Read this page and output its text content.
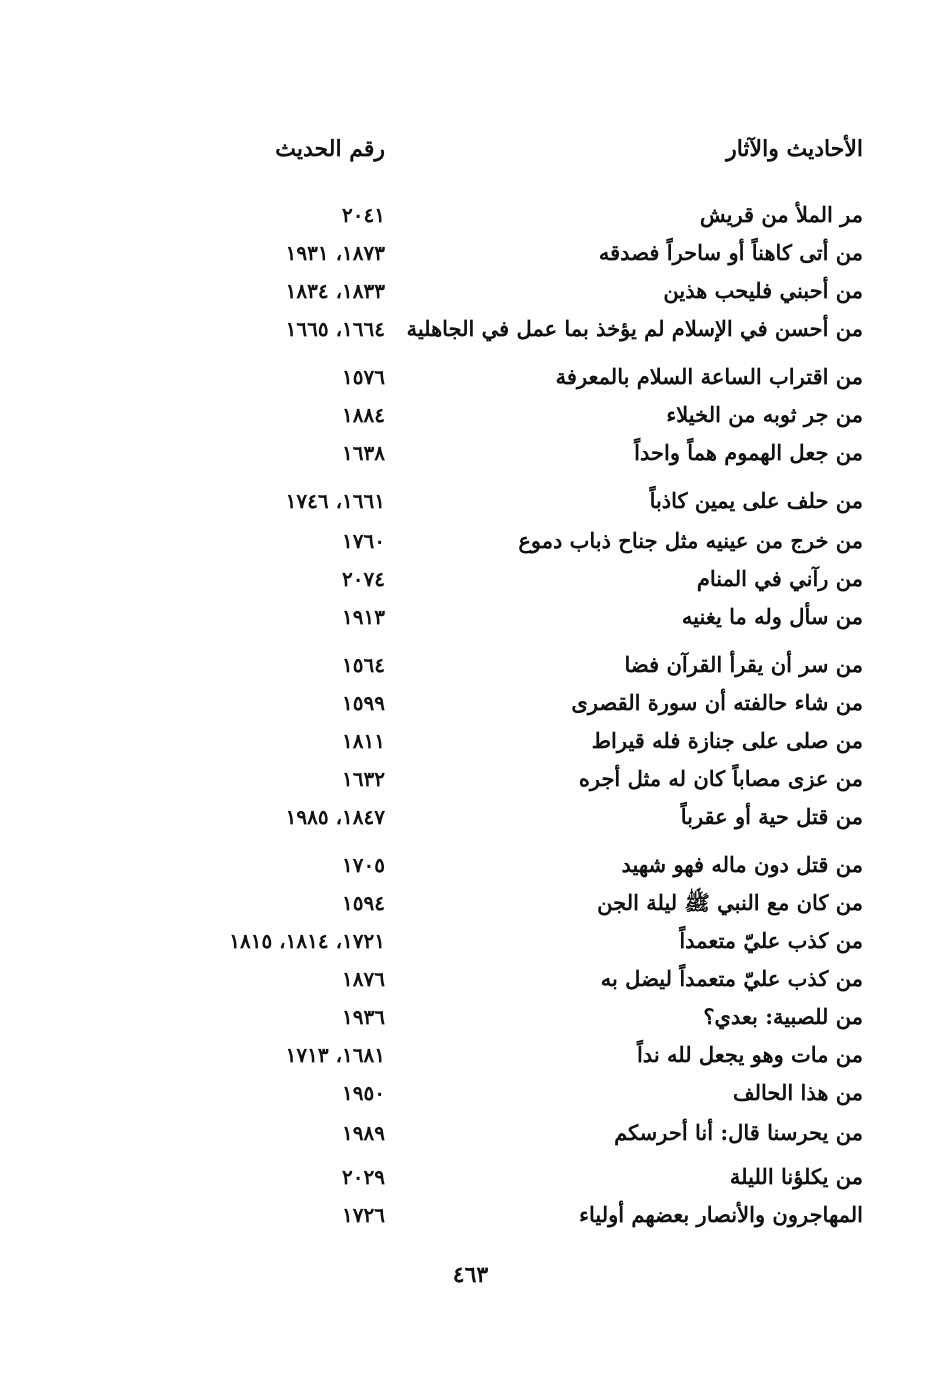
الأحاديث والآثار
رقم الحديث
مر الملأ من قريش
٢٠٤١
من أتى كاهناً أو ساحراً فصدقه
١٨٧٣، ١٩٣١
من أحبني فليحب هذين
١٨٣٣، ١٨٣٤
من أحسن في الإسلام لم يؤخذ بما عمل في الجاهلية
١٦٦٤، ١٦٦٥
من اقتراب الساعة السلام بالمعرفة
١٥٧٦
من جر ثوبه من الخيلاء
١٨٨٤
من جعل الهموم هماً واحداً
١٦٣٨
من حلف على يمين كاذباً
١٦٦١، ١٧٤٦
من خرج من عينيه مثل جناح ذباب دموع
١٧٦٠
من رآني في المنام
٢٠٧٤
من سأل وله ما يغنيه
١٩١٣
من سر أن يقرأ القرآن فضا
١٥٦٤
من شاء حالفته أن سورة القصرى
١٥٩٩
من صلى على جنازة فله قيراط
١٨١١
من عزى مصاباً كان له مثل أجره
١٦٣٢
من قتل حية أو عقرباً
١٨٤٧، ١٩٨٥
من قتل دون ماله فهو شهيد
١٧٠٥
من كان مع النبي ﷺ ليلة الجن
١٥٩٤
من كذب عليّ متعمداً
١٧٢١، ١٨١٤، ١٨١٥
من كذب عليّ متعمداً ليضل به
١٨٧٦
من للصبية: بعدي؟
١٩٣٦
من مات وهو يجعل لله نداً
١٦٨١، ١٧١٣
من هذا الحالف
١٩٥٠
من يحرسنا قال: أنا أحرسكم
١٩٨٩
من يكلؤنا الليلة
٢٠٢٩
المهاجرون والأنصار بعضهم أولياء
١٧٢٦
٤٦٣
